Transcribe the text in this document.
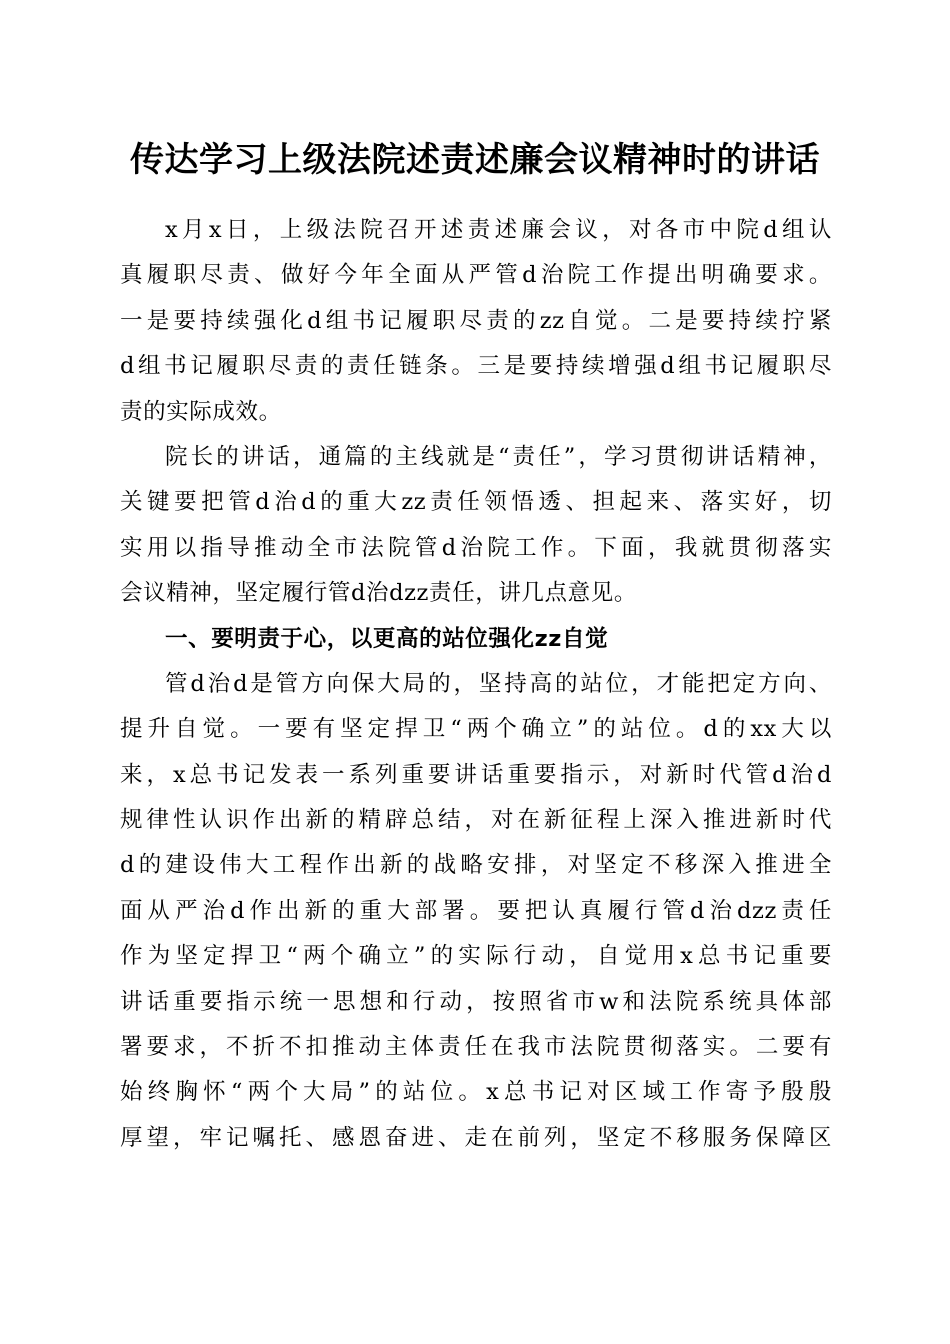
传达学习上级法院述责述廉会议精神时的讲话
x月x日，上级法院召开述责述廉会议，对各市中院d组认
真履职尽责、做好今年全面从严管d治院工作提出明确要求。
一是要持续强化d组书记履职尽责的zz自觉。二是要持续拧紧
d组书记履职尽责的责任链条。三是要持续增强d组书记履职尽
责的实际成效。
院长的讲话，通篇的主线就是“责任”，学习贯彻讲话精神，
关键要把管d治d的重大zz责任领悟透、担起来、落实好，切
实用以指导推动全市法院管d治院工作。下面，我就贯彻落实
会议精神，坚定履行管d治dzz责任，讲几点意见。
一、要明责于心，以更高的站位强化zz自觉
管d治d是管方向保大局的，坚持高的站位，才能把定方向、
提升自觉。一要有坚定捍卫“两个确立”的站位。d的xx大以
来，x总书记发表一系列重要讲话重要指示，对新时代管d治d
规律性认识作出新的精辟总结，对在新征程上深入推进新时代
d的建设伟大工程作出新的战略安排，对坚定不移深入推进全
面从严治d作出新的重大部署。要把认真履行管d治dzz责任
作为坚定捍卫“两个确立”的实际行动，自觉用x总书记重要
讲话重要指示统一思想和行动，按照省市w和法院系统具体部
署要求，不折不扣推动主体责任在我市法院贯彻落实。二要有
始终胸怀“两个大局”的站位。x总书记对区域工作寄予殷殷
厚望，牢记嘱托、感恩奋进、走在前列，坚定不移服务保障区
